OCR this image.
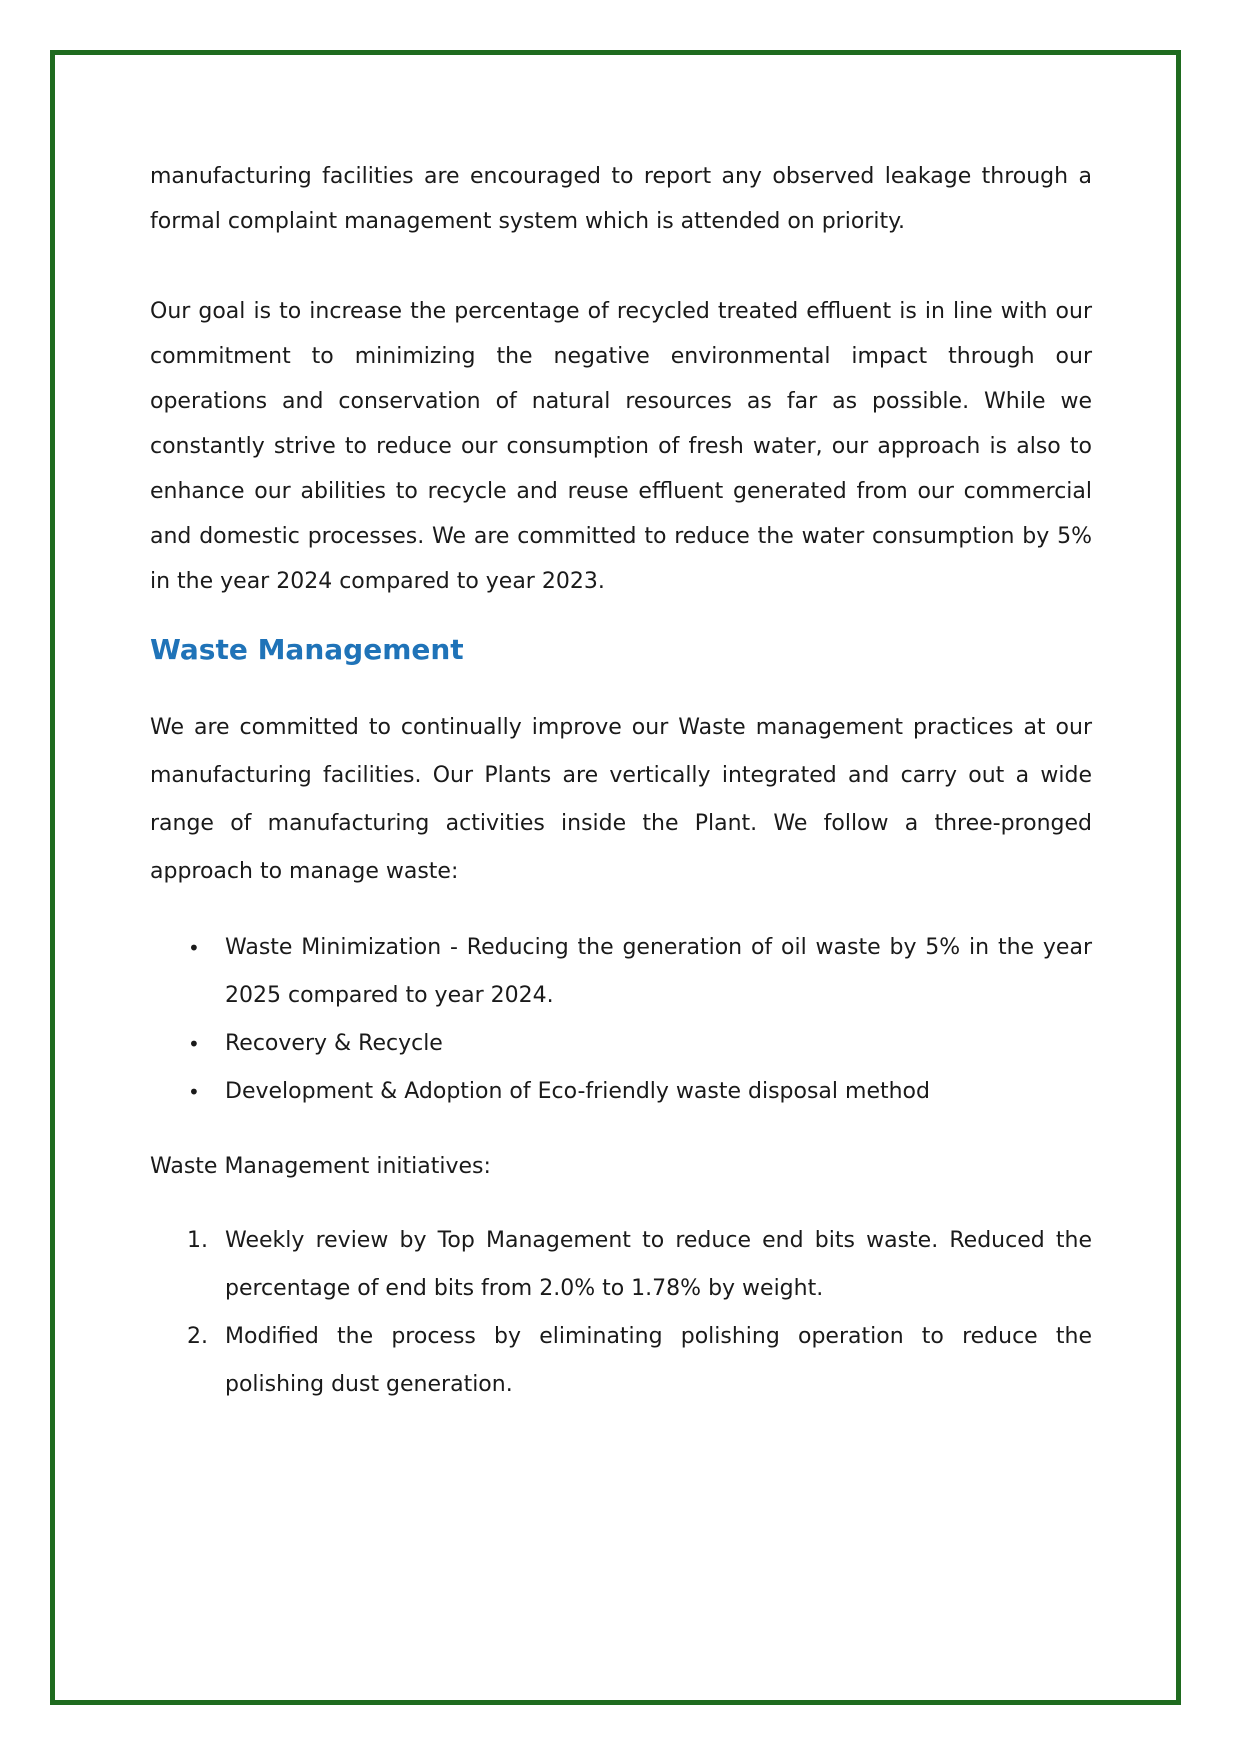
manufacturing facilities are encouraged to report any observed leakage through a formal complaint management system which is attended on priority.

Our goal is to increase the percentage of recycled treated effluent is in line with our commitment to minimizing the negative environmental impact through our operations and conservation of natural resources as far as possible. While we constantly strive to reduce our consumption of fresh water, our approach is also to enhance our abilities to recycle and reuse effluent generated from our commercial and domestic processes. We are committed to reduce the water consumption by 5% in the year 2024 compared to year 2023.

Waste Management

We are committed to continually improve our Waste management practices at our manufacturing facilities. Our Plants are vertically integrated and carry out a wide range of manufacturing activities inside the Plant. We follow a three-pronged approach to manage waste:

• Waste Minimization - Reducing the generation of oil waste by 5% in the year 2025 compared to year 2024.
• Recovery & Recycle
• Development & Adoption of Eco-friendly waste disposal method

Waste Management initiatives:

1. Weekly review by Top Management to reduce end bits waste. Reduced the percentage of end bits from 2.0% to 1.78% by weight.
2. Modified the process by eliminating polishing operation to reduce the polishing dust generation.
